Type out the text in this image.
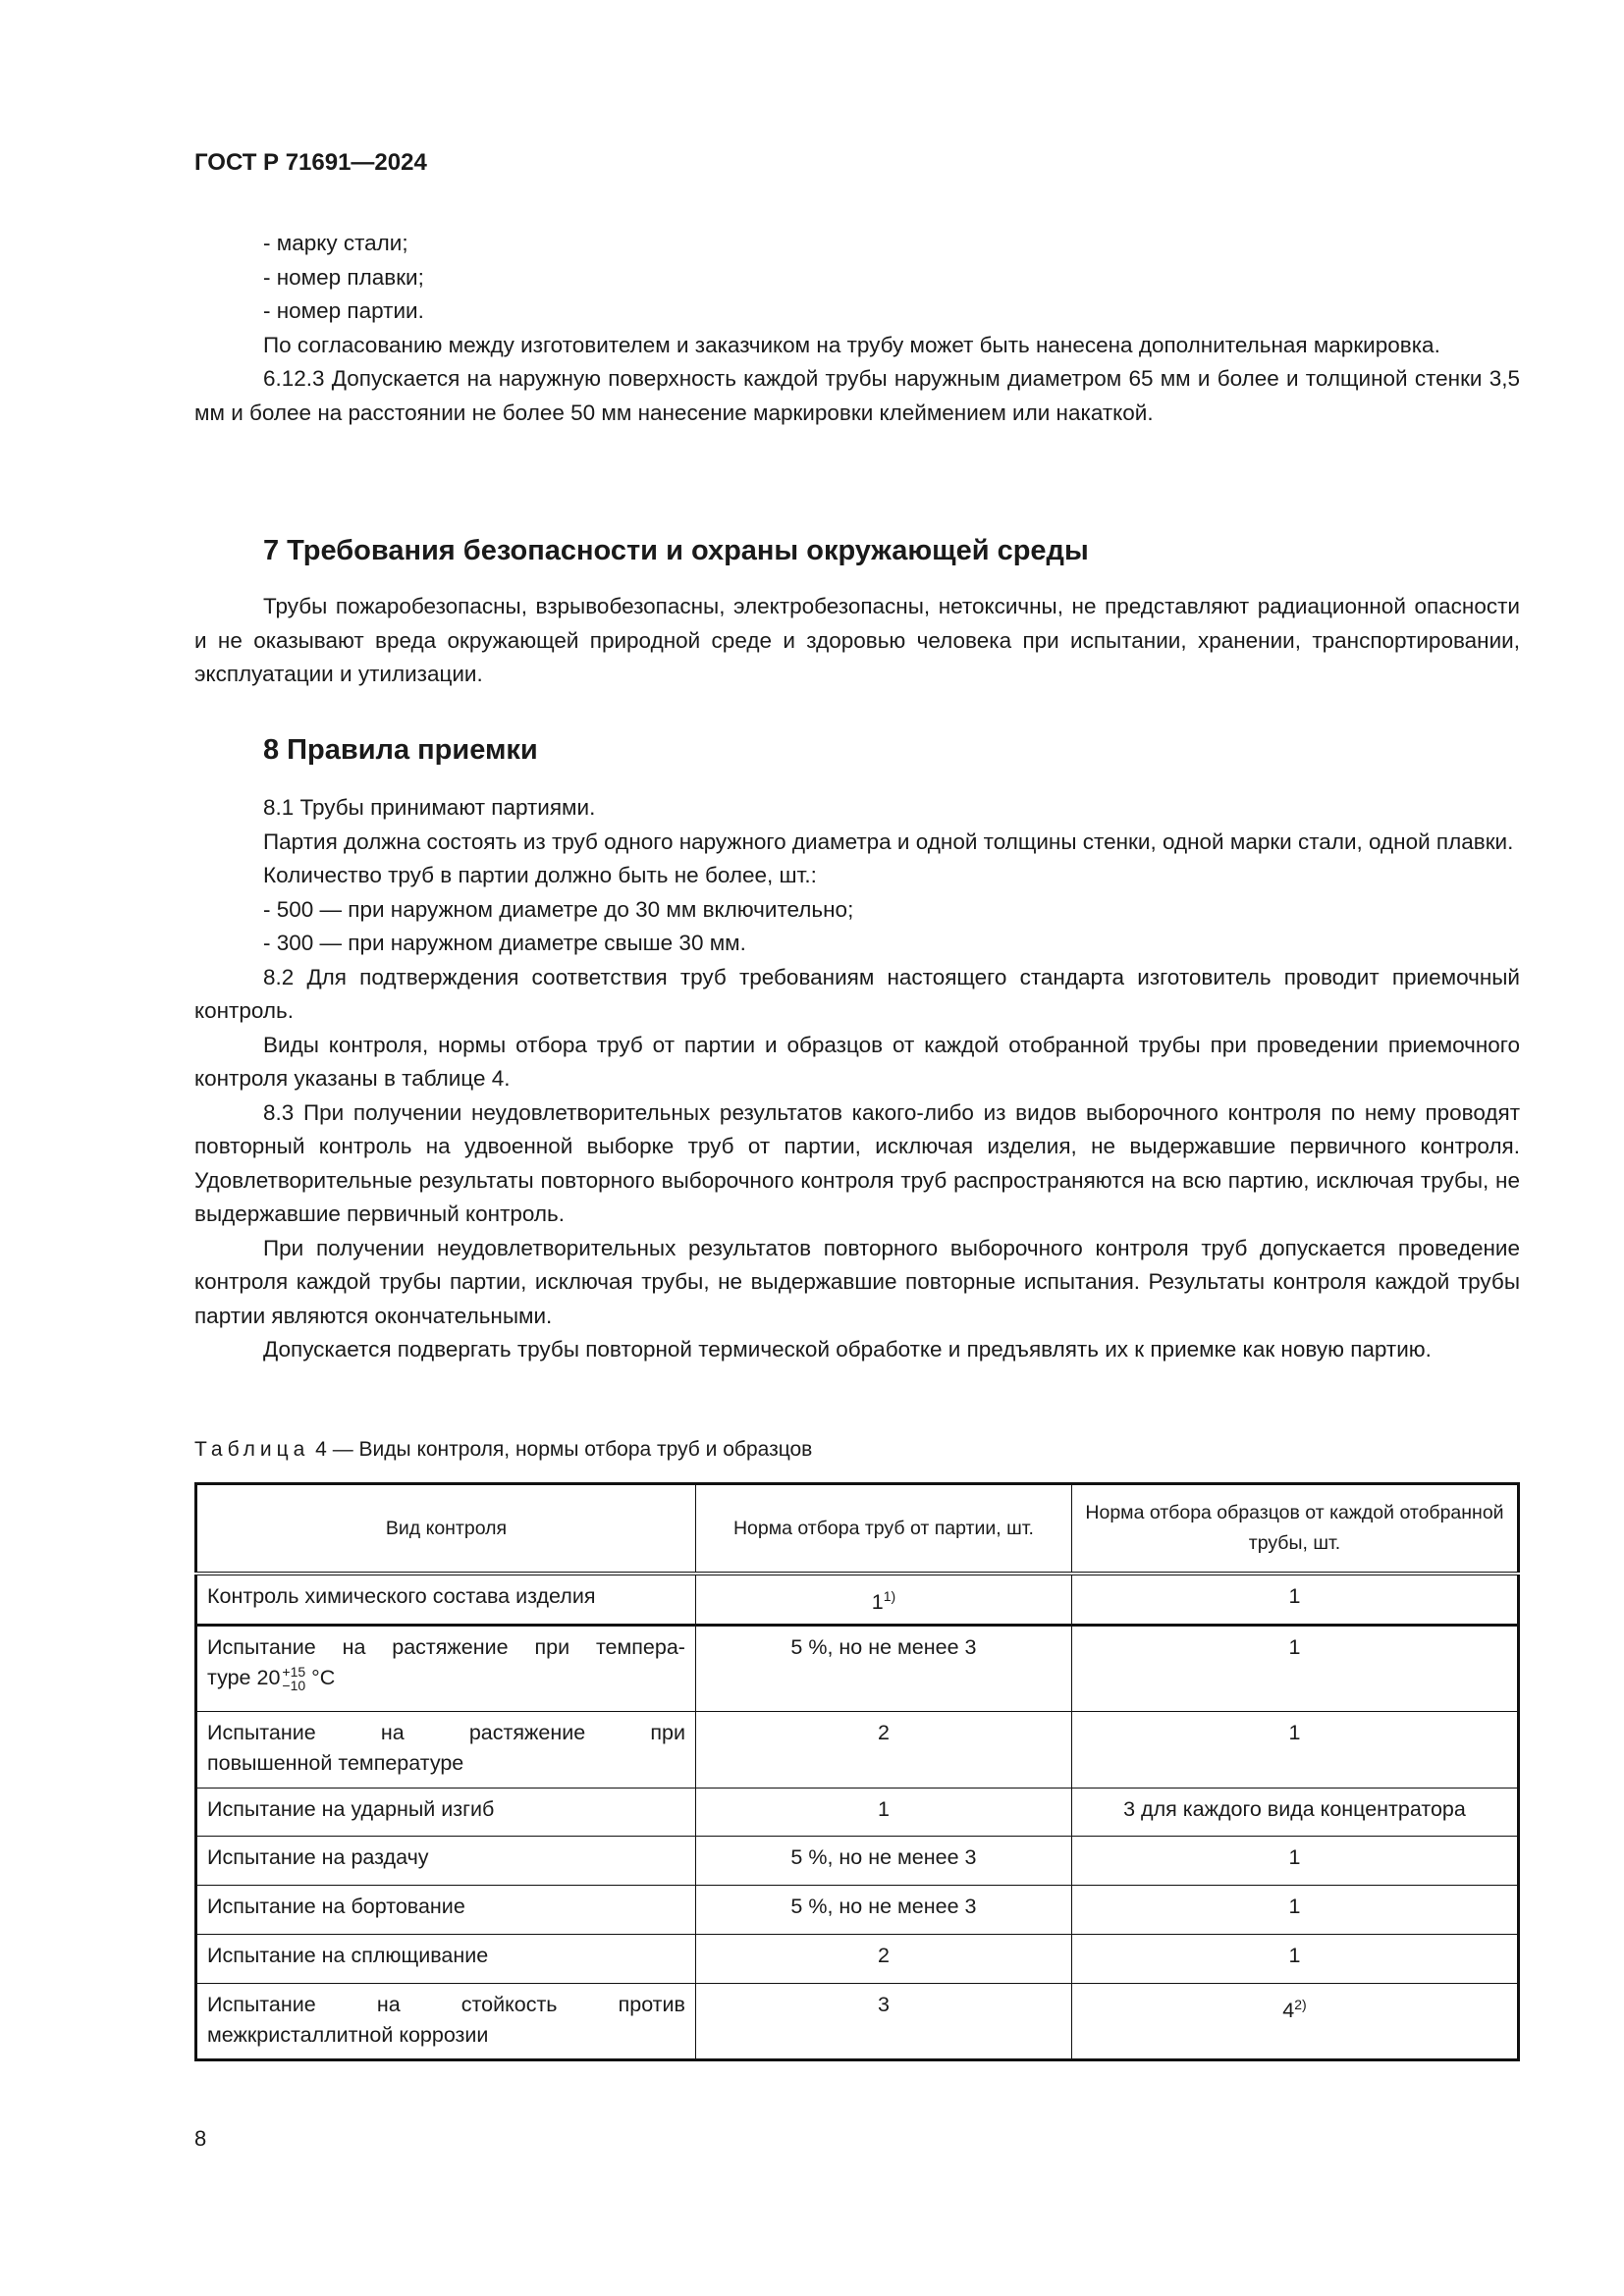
ГОСТ Р 71691—2024

- марку стали;

- номер плавки;

- номер партии.

По согласованию между изготовителем и заказчиком на трубу может быть нанесена дополнительная маркировка.

6.12.3 Допускается на наружную поверхность каждой трубы наружным диаметром 65 мм и более и толщиной стенки 3,5 мм и более на расстоянии не более 50 мм нанесение маркировки клеймением или накаткой.

7 Требования безопасности и охраны окружающей среды

Трубы пожаробезопасны, взрывобезопасны, электробезопасны, нетоксичны, не представляют радиационной опасности и не оказывают вреда окружающей природной среде и здоровью человека при испытании, хранении, транспортировании, эксплуатации и утилизации.

8 Правила приемки

8.1 Трубы принимают партиями.

Партия должна состоять из труб одного наружного диаметра и одной толщины стенки, одной марки стали, одной плавки.

Количество труб в партии должно быть не более, шт.:

- 500 — при наружном диаметре до 30 мм включительно;

- 300 — при наружном диаметре свыше 30 мм.

8.2 Для подтверждения соответствия труб требованиям настоящего стандарта изготовитель проводит приемочный контроль.

Виды контроля, нормы отбора труб от партии и образцов от каждой отобранной трубы при проведении приемочного контроля указаны в таблице 4.

8.3 При получении неудовлетворительных результатов какого-либо из видов выборочного контроля по нему проводят повторный контроль на удвоенной выборке труб от партии, исключая изделия, не выдержавшие первичного контроля. Удовлетворительные результаты повторного выборочного контроля труб распространяются на всю партию, исключая трубы, не выдержавшие первичный контроль.

При получении неудовлетворительных результатов повторного выборочного контроля труб допускается проведение контроля каждой трубы партии, исключая трубы, не выдержавшие повторные испытания. Результаты контроля каждой трубы партии являются окончательными.

Допускается подвергать трубы повторной термической обработке и предъявлять их к приемке как новую партию.

Таблица 4 — Виды контроля, нормы отбора труб и образцов
Вид контроля	Норма отбора труб от партии, шт.	Норма отбора образцов от каждой отобранной трубы, шт.
Контроль химического состава изделия	1$^{1)}$	1

Испытание на растяжение при темпера-
туре 20 +15
−10 °С	5 %, но не менее 3	1

Испытание на растяжение при
повышенной температуре	2	1
Испытание на ударный изгиб	1	3 для каждого вида концентратора
Испытание на раздачу	5 %, но не менее 3	1
Испытание на бортование	5 %, но не менее 3	1
Испытание на сплющивание	2	1

Испытание на стойкость против
межкристаллитной коррозии	3	4$^{2)}$
8
